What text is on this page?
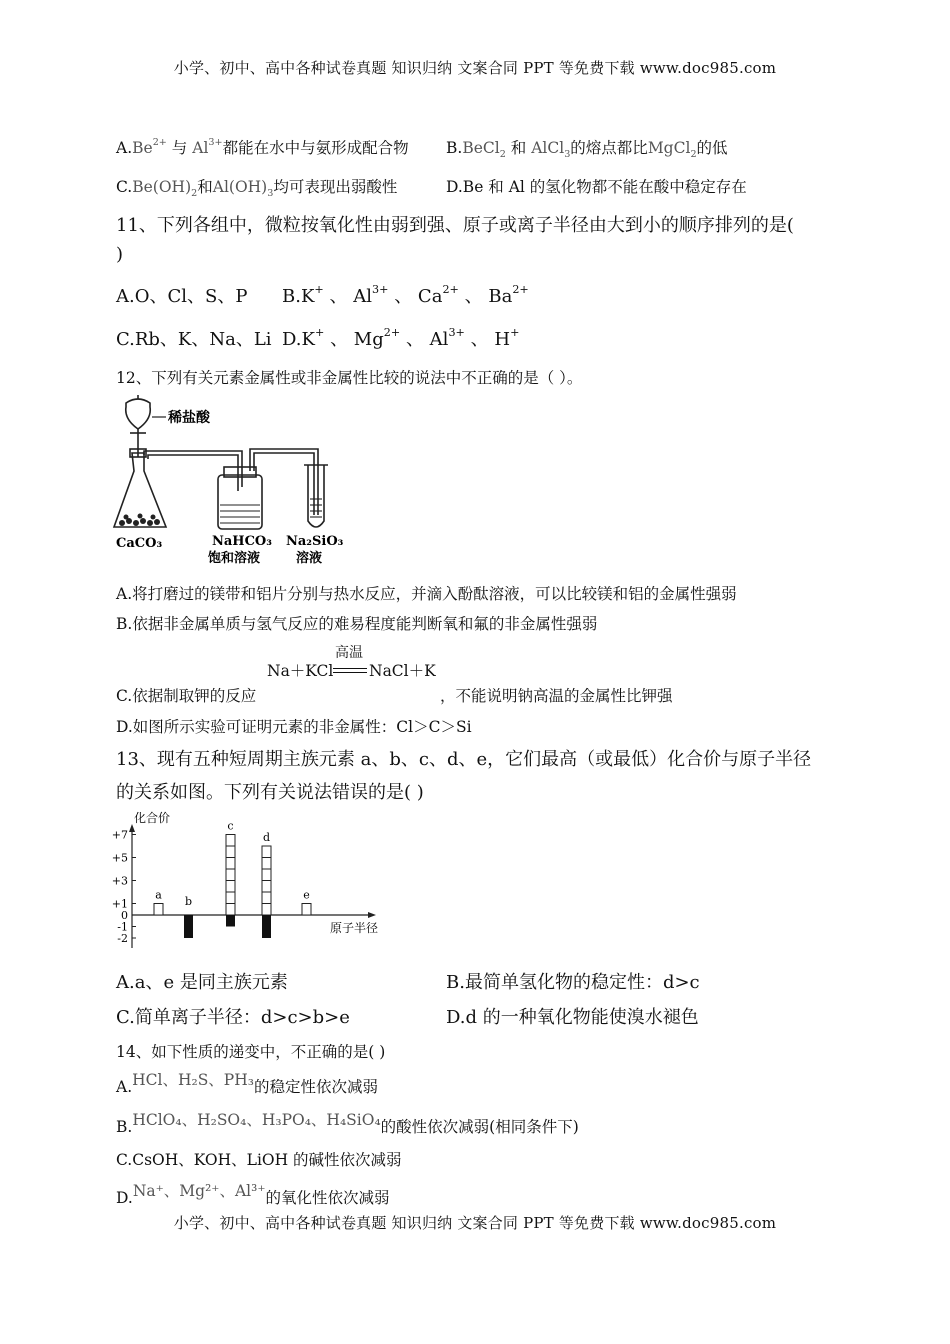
小学、初中、高中各种试卷真题 知识归纳 文案合同 PPT 等免费下载 www.doc985.com
$A.Be^{2+}$ 与 $Al^{3+}$都能在水中与氨形成配合物 B.BeCl$_2$ 和 AlCl$_3$的熔点都比MgCl$_2$的低
$C.Be(OH)_2$和$Al(OH)_3$均可表现出弱酸性	D.Be 和 Al 的氢化物都不能在酸中稳定存在
11、下列各组中，微粒按氧化性由弱到强、原子或离子半径由大到小的顺序排列的是(
)
A.O、Cl、S、P B.K+ 、 $Al^{3+}$ 、 $Ca^{2+}$ 、 $Ba^{2+}$
C.Rb、K、Na、Li D.K+ 、 $Mg^{2+}$ 、 $Al^{3+}$ 、 H+
12、下列有关元素金属性或非金属性比较的说法中不正确的是（ ）。
稀盐酸
CaCO₃	NaHCO₃
饱和溶液
Na₂SiO₃
溶液
A.将打磨过的镁带和铝片分别与热水反应，并滴入酚酞溶液，可以比较镁和铝的金属性强弱
B.依据非金属单质与氢气反应的难易程度能判断氧和氟的非金属性强弱
Na＋KCl
高温
NaCl＋K
C.依据制取钾的反应	，不能说明钠高温的金属性比钾强
D.如图所示实验可证明元素的非金属性：Cl＞C＞Si
13、现有五种短周期主族元素 a、b、c、d、e，它们最高（或最低）化合价与原子半径
的关系如图。下列有关说法错误的是( )
化合价
原子半径
+7
+5
+3
+1
0
-1
-2
a b
c
d
e
A.a、e 是同主族元素	B.最简单氢化物的稳定性：d>c
C.简单离子半径：d>c>b>e	D.d 的一种氧化物能使溴水褪色
14、如下性质的递变中，不正确的是( )
A.HCl、H₂S、PH₃的稳定性依次减弱
B.HClO₄、H₂SO₄、H₃PO₄、H₄SiO₄的酸性依次减弱(相同条件下)
C.CsOH、KOH、LiOH 的碱性依次减弱
D.Na⁺、Mg²⁺、Al³⁺的氧化性依次减弱
小学、初中、高中各种试卷真题 知识归纳 文案合同 PPT 等免费下载 www.doc985.com
